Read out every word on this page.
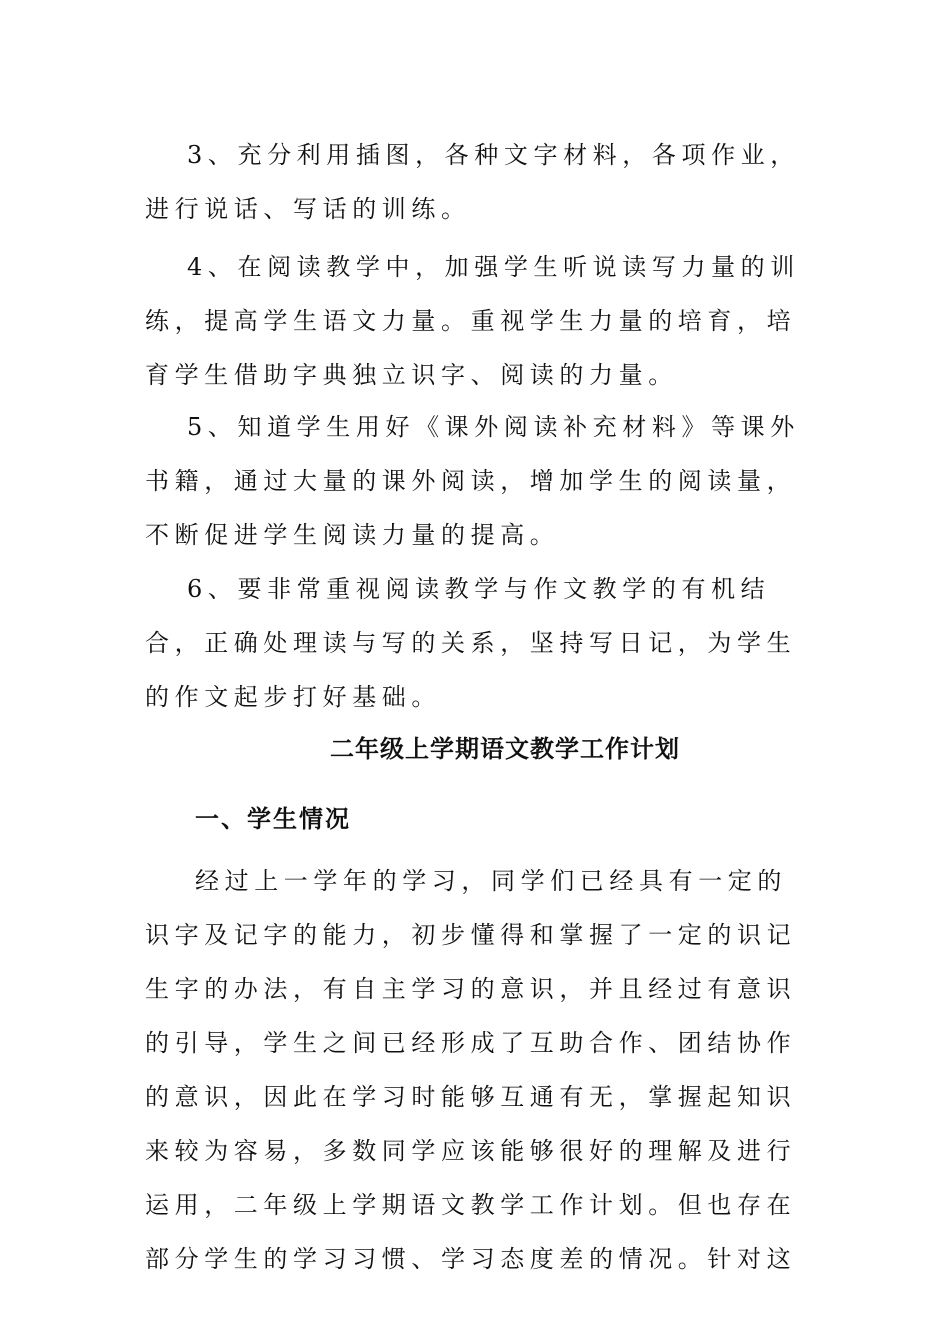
3、充分利用插图，各种文字材料，各项作业，进行说话、写话的训练。

4、在阅读教学中，加强学生听说读写力量的训练，提高学生语文力量。重视学生力量的培育，培育学生借助字典独立识字、阅读的力量。

5、知道学生用好《课外阅读补充材料》等课外书籍，通过大量的课外阅读，增加学生的阅读量，不断促进学生阅读力量的提高。

6、要非常重视阅读教学与作文教学的有机结合，正确处理读与写的关系，坚持写日记，为学生的作文起步打好基础。

二年级上学期语文教学工作计划
一、学生情况

经过上一学年的学习，同学们已经具有一定的识字及记字的能力，初步懂得和掌握了一定的识记生字的办法，有自主学习的意识，并且经过有意识的引导，学生之间已经形成了互助合作、团结协作的意识，因此在学习时能够互通有无，掌握起知识来较为容易，多数同学应该能够很好的理解及进行运用，二年级上学期语文教学工作计划。但也存在部分学生的学习习惯、学习态度差的情况。针对这
